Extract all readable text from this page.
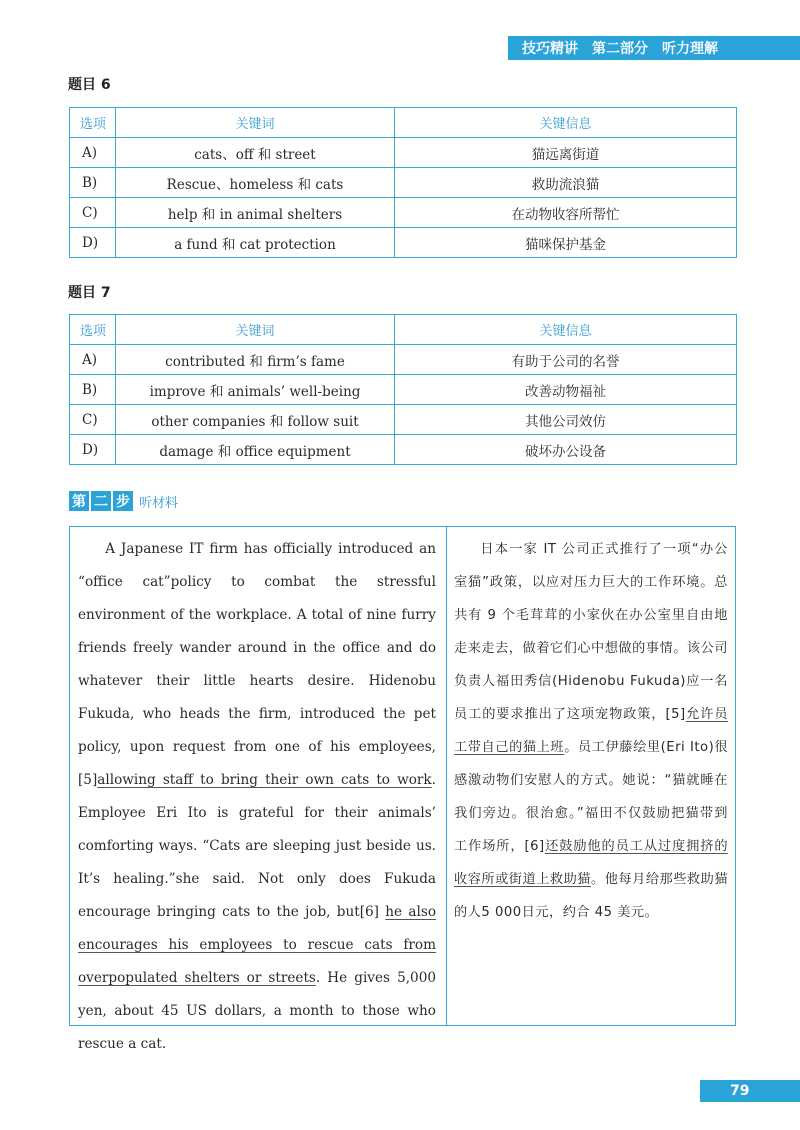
技巧精讲 第二部分 听力理解
题目 6
选项	关键词	关键信息
A)	cats、off 和 street	猫远离街道
B)	Rescue、homeless 和 cats	救助流浪猫
C)	help 和 in animal shelters	在动物收容所帮忙
D)	a fund 和 cat protection	猫咪保护基金
题目 7
选项	关键词	关键信息
A)	contributed 和 firm’s fame	有助于公司的名誉
B)	improve 和 animals’ well-being	改善动物福祉
C)	other companies 和 follow suit	其他公司效仿
D)	damage 和 office equipment	破坏办公设备
第 二 步 听材料
A Japanese IT firm has officially introduced an “office cat”policy to combat the stressful environment of the workplace. A total of nine furry friends freely wander around in the office and do whatever their little hearts desire. Hidenobu Fukuda, who heads the firm, introduced the pet policy, upon request from one of his employees,[5]allowing staff to bring their own cats to work. Employee Eri Ito is grateful for their animals’ comforting ways. “Cats are sleeping just beside us. It’s healing.”she said. Not only does Fukuda encourage bringing cats to the job, but[6] he also encourages his employees to rescue cats from overpopulated shelters or streets. He gives 5,000 yen, about 45 US dollars, a month to those who rescue a cat.
日本一家 IT 公司正式推行了一项“办公室猫”政策，以应对压力巨大的工作环境。总共有 9 个毛茸茸的小家伙在办公室里自由地走来走去，做着它们心中想做的事情。该公司负责人福田秀信(Hidenobu Fukuda)应一名员工的要求推出了这项宠物政策，[5]允许员工带自己的猫上班。员工伊藤绘里(Eri Ito)很感激动物们安慰人的方式。她说：“猫就睡在我们旁边。很治愈。”福田不仅鼓励把猫带到工作场所，[6]还鼓励他的员工从过度拥挤的收容所或街道上救助猫。他每月给那些救助猫的人5 000日元，约合 45 美元。
79
